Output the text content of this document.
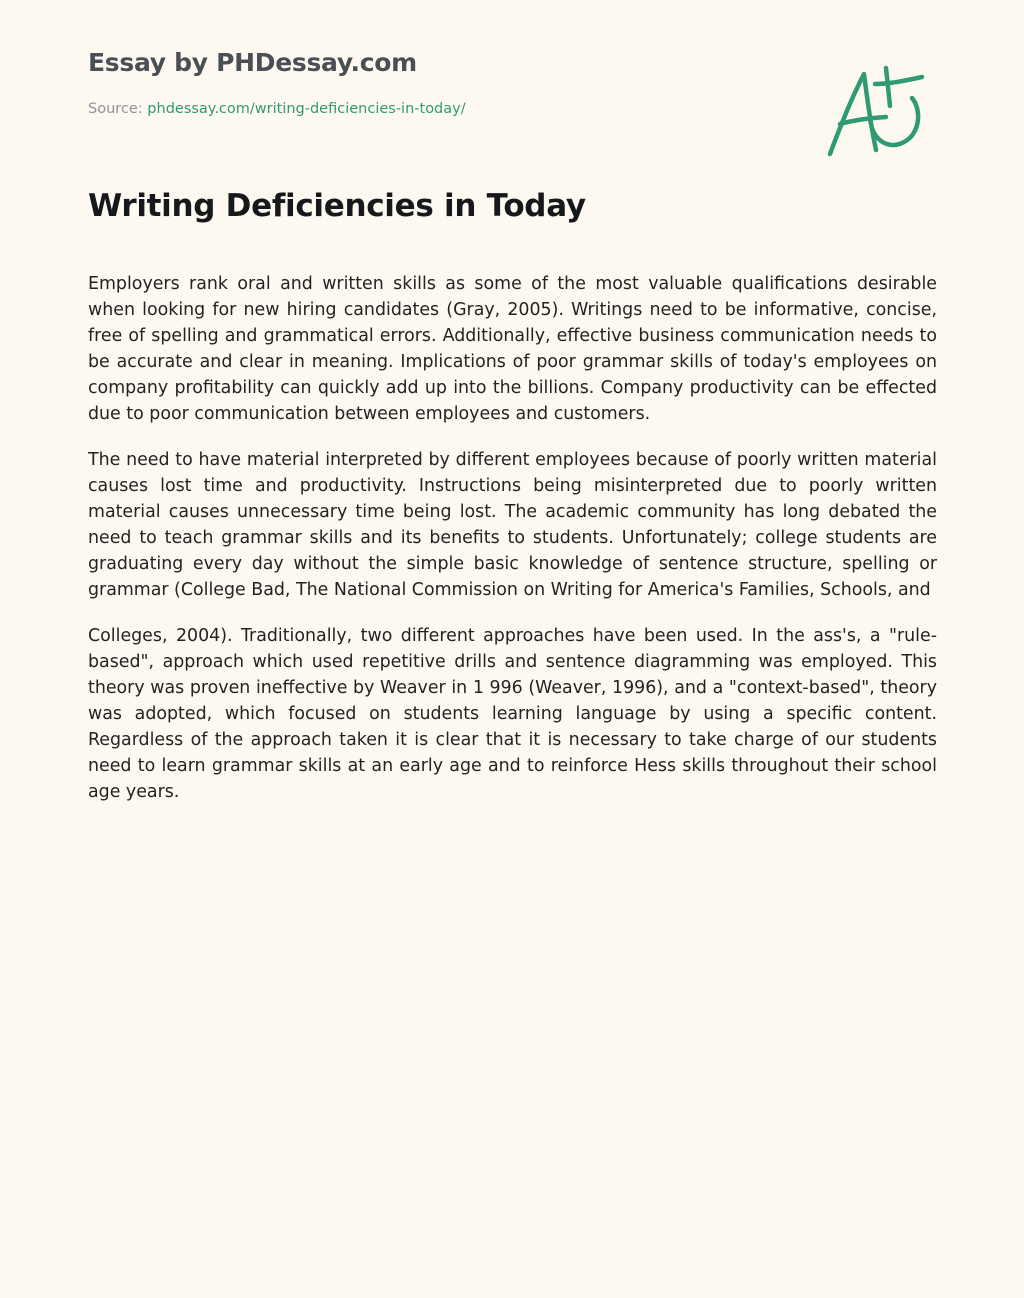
Essay by PHDessay.com
Source: phdessay.com/writing-deficiencies-in-today/
Writing Deficiencies in Today

Employers rank oral and written skills as some of the most valuable qualifications desirable when looking for new hiring candidates (Gray, 2005). Writings need to be informative, concise, free of spelling and grammatical errors. Additionally, effective business communication needs to be accurate and clear in meaning. Implications of poor grammar skills of today's employees on company profitability can quickly add up into the billions. Company productivity can be effected due to poor communication between employees and customers.

The need to have material interpreted by different employees because of poorly written material causes lost time and productivity. Instructions being misinterpreted due to poorly written material causes unnecessary time being lost. The academic community has long debated the need to teach grammar skills and its benefits to students. Unfortunately; college students are graduating every day without the simple basic knowledge of sentence structure, spelling or grammar (College Bad, The National Commission on Writing for America's Families, Schools, and

Colleges, 2004). Traditionally, two different approaches have been used. In the ass's, a "rule-based", approach which used repetitive drills and sentence diagramming was employed. This theory was proven ineffective by Weaver in 1 996 (Weaver, 1996), and a "context-based", theory was adopted, which focused on students learning language by using a specific content. Regardless of the approach taken it is clear that it is necessary to take charge of our students need to learn grammar skills at an early age and to reinforce Hess skills throughout their school age years.
